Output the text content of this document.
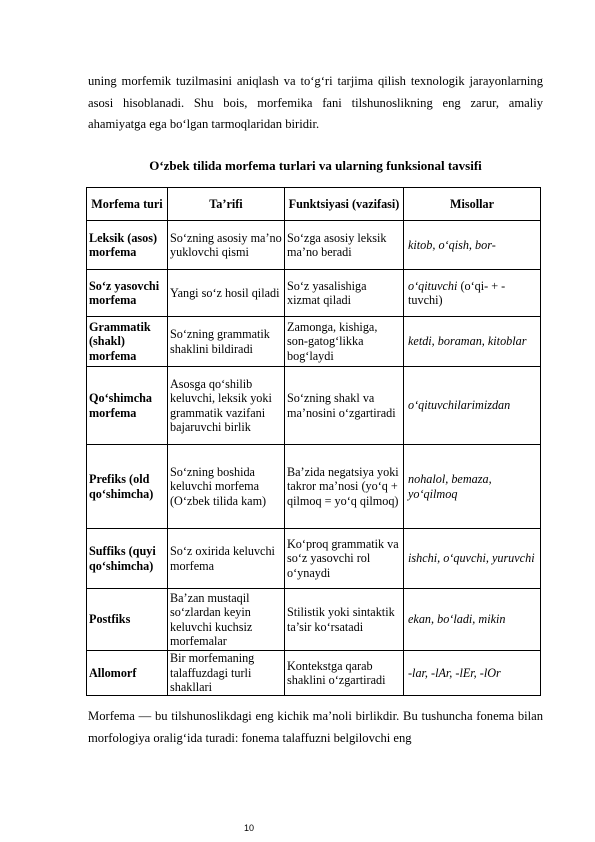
uning morfemik tuzilmasini aniqlash va to‘g‘ri tarjima qilish texnologik jarayonlarning asosi hisoblanadi. Shu bois, morfemika fani tilshunoslikning eng zarur, amaliy ahamiyatga ega bo‘lgan tarmoqlaridan biridir.
O‘zbek tilida morfema turlari va ularning funksional tavsifi
Morfema turi	Ta’rifi	Funktsiyasi (vazifasi)	Misollar
Leksik (asos) morfema	So‘zning asosiy ma’no yuklovchi qismi	So‘zga asosiy leksik ma’no beradi	kitob, o‘qish, bor-
So‘z yasovchi morfema	Yangi so‘z hosil qiladi	So‘z yasalishiga xizmat qiladi	o‘qituvchi (o‘qi- + -tuvchi)
Grammatik (shakl) morfema	So‘zning grammatik shaklini bildiradi	Zamonga, kishiga, son-gatog‘likka bog‘laydi	ketdi, boraman, kitoblar
Qo‘shimcha morfema	Asosga qo‘shilib keluvchi, leksik yoki grammatik vazifani bajaruvchi birlik	So‘zning shakl va ma’nosini o‘zgartiradi	o‘qituvchilarimizdan
Prefiks (old qo‘shimcha)	So‘zning boshida keluvchi morfema (O‘zbek tilida kam)	Ba’zida negatsiya yoki takror ma’nosi (yo‘q + qilmoq = yo‘q qilmoq)	nohalol, bemaza, yo‘qilmoq
Suffiks (quyi qo‘shimcha)	So‘z oxirida keluvchi morfema	Ko‘proq grammatik va so‘z yasovchi rol o‘ynaydi	ishchi, o‘quvchi, yuruvchi
Postfiks	Ba’zan mustaqil so‘zlardan keyin keluvchi kuchsiz morfemalar	Stilistik yoki sintaktik ta’sir ko‘rsatadi	ekan, bo‘ladi, mikin
Allomorf	Bir morfemaning talaffuzdagi turli shakllari	Kontekstga qarab shaklini o‘zgartiradi	-lar, -lAr, -lEr, -lOr
Morfema — bu tilshunoslikdagi eng kichik ma’noli birlikdir. Bu tushuncha fonema bilan morfologiya oralig‘ida turadi: fonema talaffuzni belgilovchi eng
10
